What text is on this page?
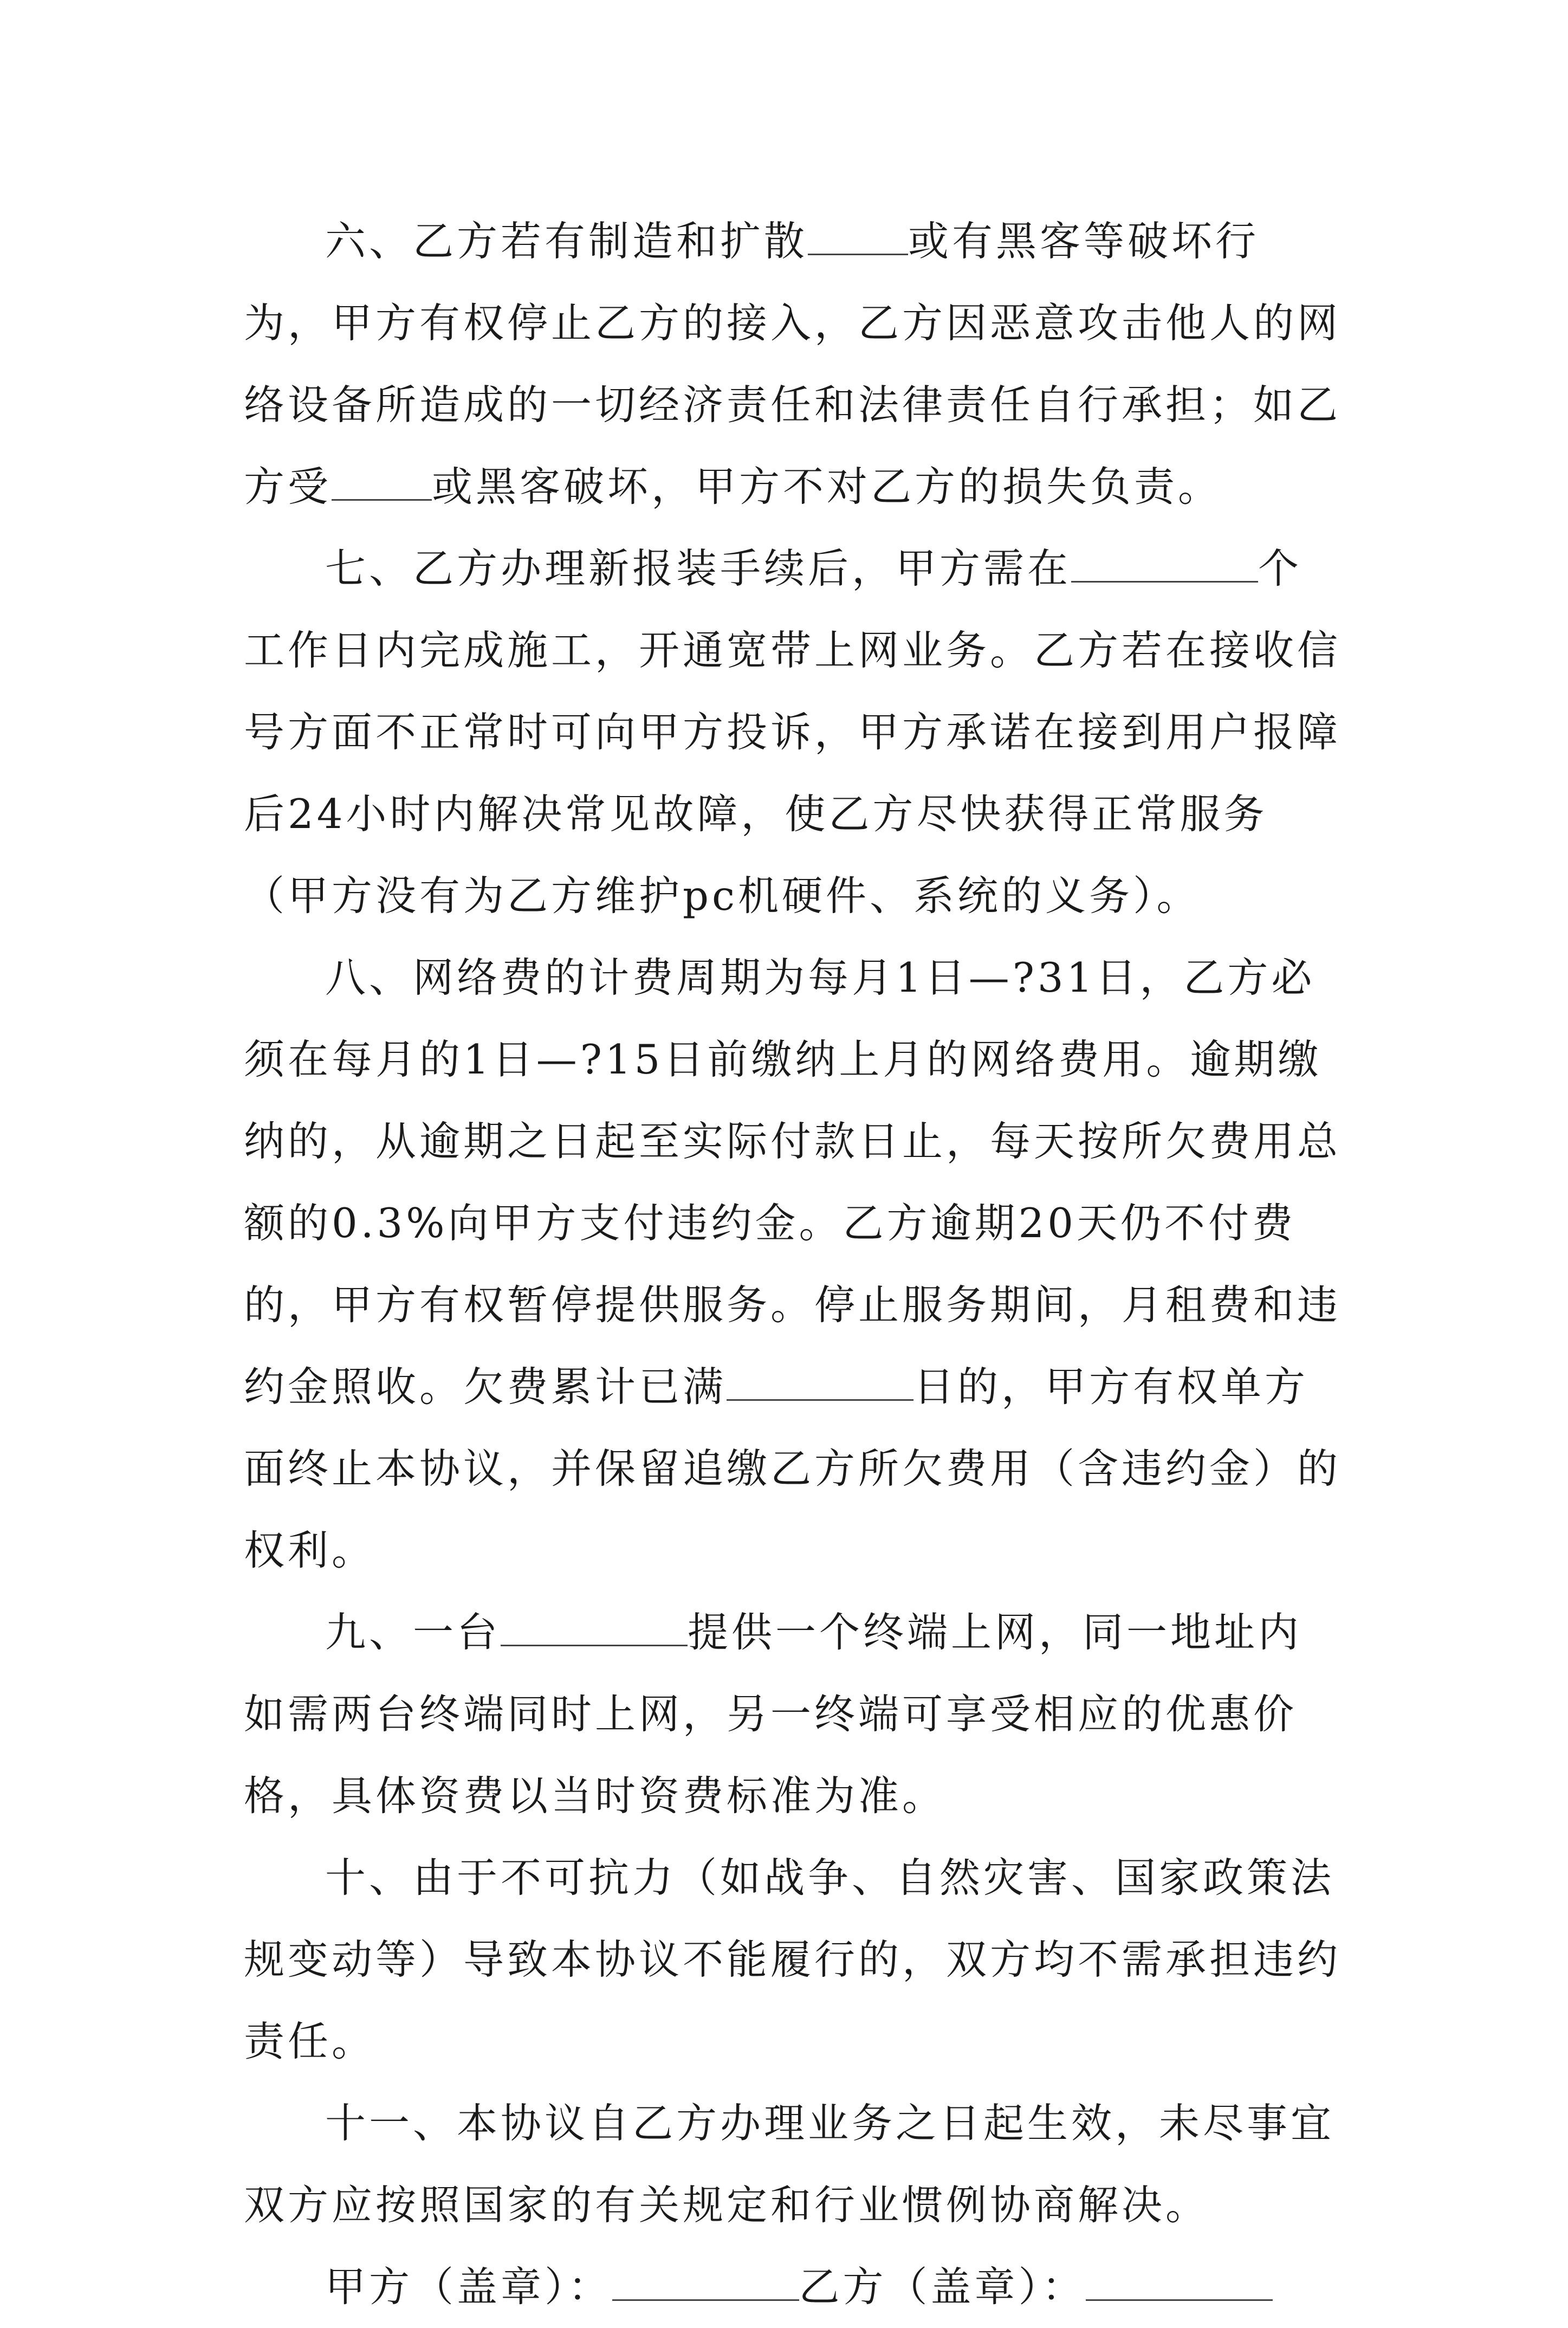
六、乙方若有制造和扩散 或有黑客等破坏行为，甲方有权停止乙方的接入，乙方因恶意攻击他人的网络设备所造成的一切经济责任和法律责任自行承担；如乙方受 或黑客破坏，甲方不对乙方的损失负责。

七、乙方办理新报装手续后，甲方需在	个工作日内完成施工，开通宽带上网业务。乙方若在接收信号方面不正常时可向甲方投诉，甲方承诺在接到用户报障后24小时内解决常见故障，使乙方尽快获得正常服务（甲方没有为乙方维护pc机硬件、系统的义务）。

八、网络费的计费周期为每月1日—?31日，乙方必须在每月的1日—?15日前缴纳上月的网络费用。逾期缴纳的，从逾期之日起至实际付款日止，每天按所欠费用总额的0.3%向甲方支付违约金。乙方逾期20天仍不付费的，甲方有权暂停提供服务。停止服务期间，月租费和违约金照收。欠费累计已满	日的，甲方有权单方面终止本协议，并保留追缴乙方所欠费用（含违约金）的权利。

九、一台	提供一个终端上网，同一地址内如需两台终端同时上网，另一终端可享受相应的优惠价格，具体资费以当时资费标准为准。

十、由于不可抗力（如战争、自然灾害、国家政策法规变动等）导致本协议不能履行的，双方均不需承担违约责任。

十一、本协议自乙方办理业务之日起生效，未尽事宜双方应按照国家的有关规定和行业惯例协商解决。

甲方（盖章）：	乙方（盖章）：
